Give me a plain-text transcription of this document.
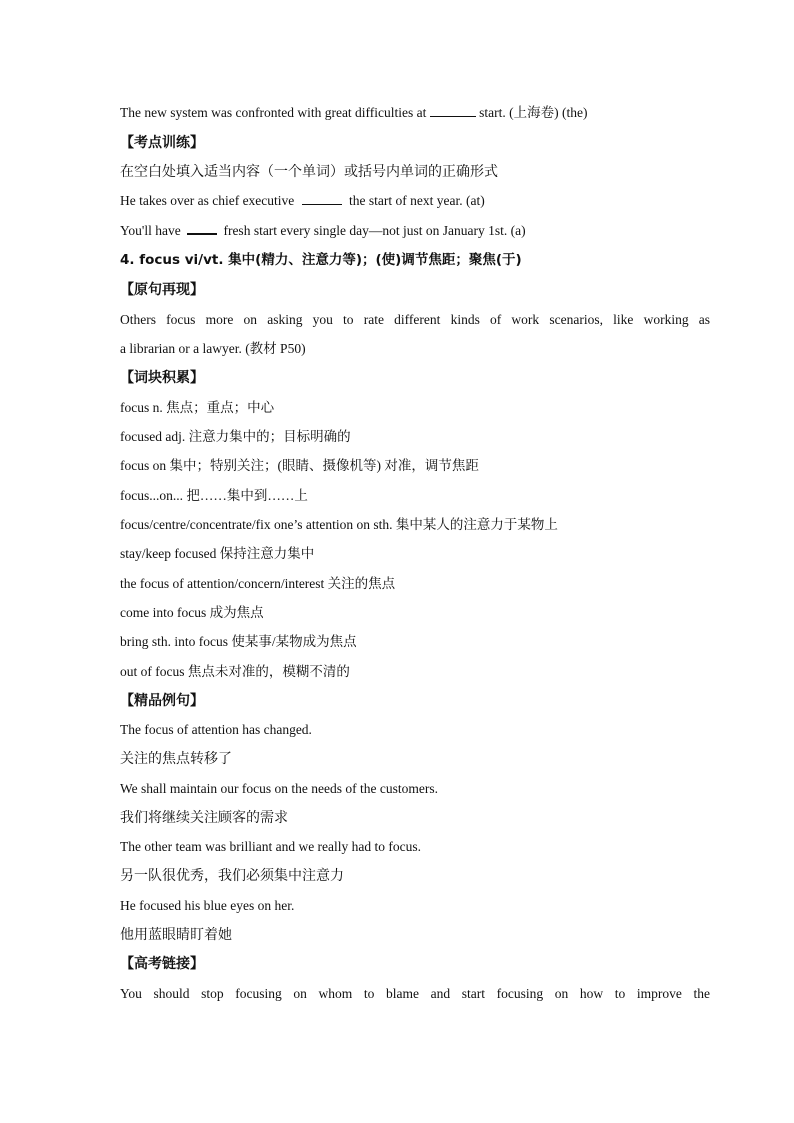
The new system was confronted with great difficulties at	start. (上海卷) (the)
【考点训练】
在空白处填入适当内容（一个单词）或括号内单词的正确形式
He takes over as chief executive	the start of next year. (at)
You'll have	fresh start every single day—not just on January 1st. (a)
4. focus vi/vt. 集中(精力、注意力等)；(使)调节焦距；聚焦(于)
【原句再现】
Others focus more on asking you to rate different kinds of work scenarios, like working as
a librarian or a lawyer. (教材 P50)
【词块积累】
focus n. 焦点；重点；中心
focused adj. 注意力集中的；目标明确的
focus on 集中；特别关注；(眼睛、摄像机等) 对准，调节焦距
focus...on... 把……集中到……上
focus/centre/concentrate/fix one’s attention on sth. 集中某人的注意力于某物上
stay/keep focused 保持注意力集中
the focus of attention/concern/interest 关注的焦点
come into focus 成为焦点
bring sth. into focus 使某事/某物成为焦点
out of focus 焦点未对准的，模糊不清的
【精品例句】
The focus of attention has changed.
关注的焦点转移了
We shall maintain our focus on the needs of the customers.
我们将继续关注顾客的需求
The other team was brilliant and we really had to focus.
另一队很优秀，我们必须集中注意力
He focused his blue eyes on her.
他用蓝眼睛盯着她
【高考链接】
You should stop focusing on whom to blame and start focusing on how to improve the
